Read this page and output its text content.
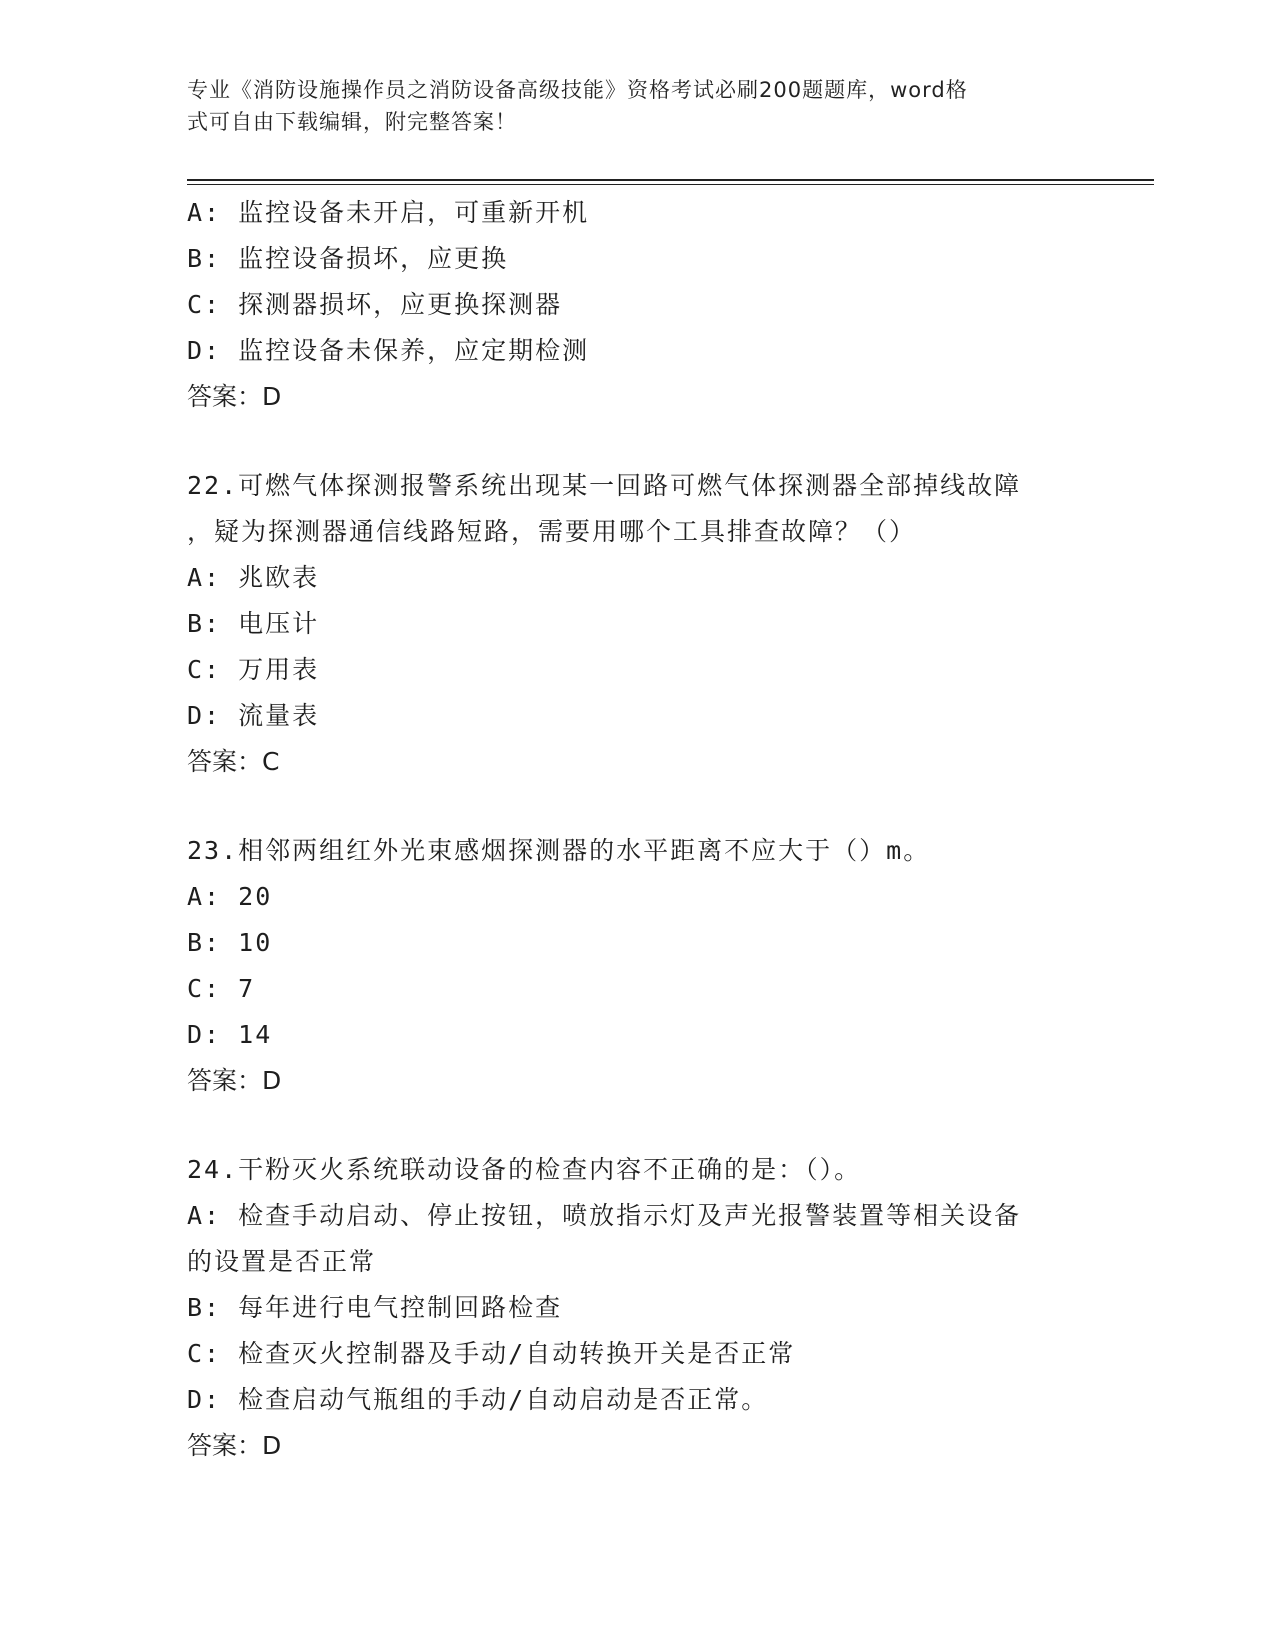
专业《消防设施操作员之消防设备高级技能》资格考试必刷200题题库，word格
式可自由下载编辑，附完整答案！
A: 监控设备未开启，可重新开机
B: 监控设备损坏，应更换
C: 探测器损坏，应更换探测器
D: 监控设备未保养，应定期检测
答案：D
22.可燃气体探测报警系统出现某一回路可燃气体探测器全部掉线故障
，疑为探测器通信线路短路，需要用哪个工具排查故障？（）
A: 兆欧表
B: 电压计
C: 万用表
D: 流量表
答案：C
23.相邻两组红外光束感烟探测器的水平距离不应大于（）m。
A: 20
B: 10
C: 7
D: 14
答案：D
24.干粉灭火系统联动设备的检查内容不正确的是：（）。
A: 检查手动启动、停止按钮，喷放指示灯及声光报警装置等相关设备
的设置是否正常
B: 每年进行电气控制回路检查
C: 检查灭火控制器及手动/自动转换开关是否正常
D: 检查启动气瓶组的手动/自动启动是否正常。
答案：D
